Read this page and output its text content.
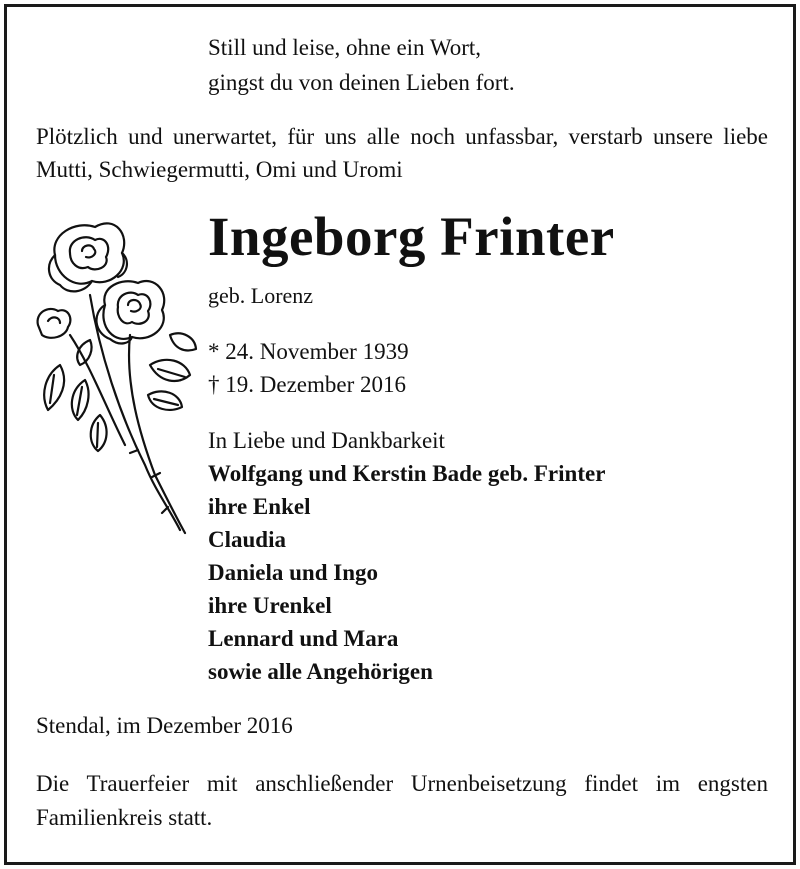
Still und leise, ohne ein Wort,
gingst du von deinen Lieben fort.
Plötzlich und unerwartet, für uns alle noch unfassbar, verstarb unsere liebe Mutti, Schwiegermutti, Omi und Uromi
Ingeborg Frinter
geb. Lorenz
* 24. November 1939
† 19. Dezember 2016
In Liebe und Dankbarkeit
Wolfgang und Kerstin Bade geb. Frinter
ihre Enkel
Claudia
Daniela und Ingo
ihre Urenkel
Lennard und Mara
sowie alle Angehörigen
Stendal, im Dezember 2016
Die Trauerfeier mit anschließender Urnenbeisetzung findet im engsten Familienkreis statt.
